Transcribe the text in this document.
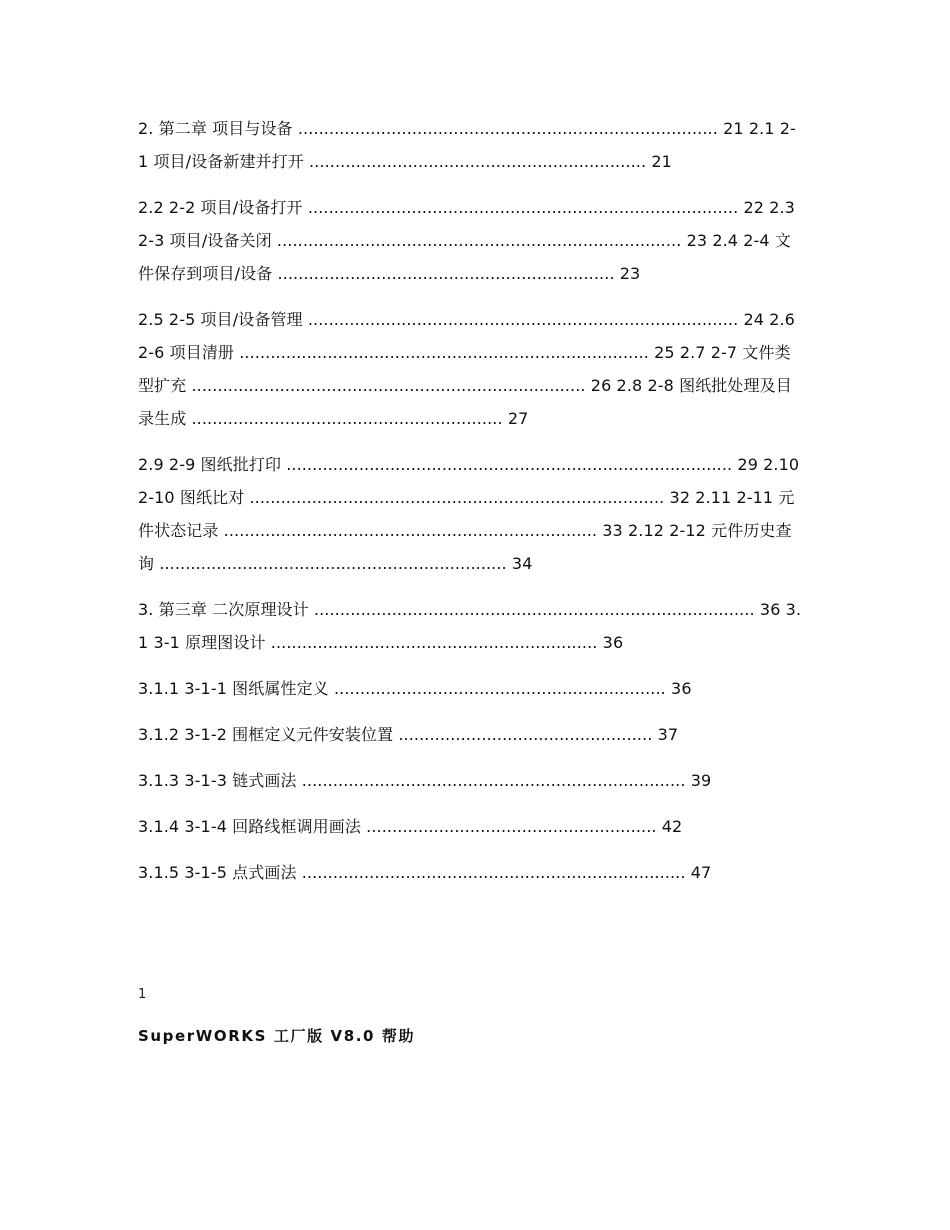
2. 第二章 项目与设备 ................................................................................. 21 2.1 2-1 项目/设备新建并打开 ................................................................. 21

2.2 2-2 项目/设备打开 ................................................................................... 22 2.3 2-3 项目/设备关闭 .............................................................................. 23 2.4 2-4 文件保存到项目/设备 ................................................................. 23

2.5 2-5 项目/设备管理 ................................................................................... 24 2.6 2-6 项目清册 ............................................................................... 25 2.7 2-7 文件类型扩充 ............................................................................ 26 2.8 2-8 图纸批处理及目录生成 ............................................................ 27

2.9 2-9 图纸批打印 ...................................................................................... 29 2.10 2-10 图纸比对 ................................................................................ 32 2.11 2-11 元件状态记录 ........................................................................ 33 2.12 2-12 元件历史查询 ................................................................... 34

3. 第三章 二次原理设计 ..................................................................................... 36 3.1 3-1 原理图设计 ............................................................... 36

3.1.1 3-1-1 图纸属性定义 ................................................................ 36

3.1.2 3-1-2 围框定义元件安装位置 ................................................. 37

3.1.3 3-1-3 链式画法 .......................................................................... 39

3.1.4 3-1-4 回路线框调用画法 ........................................................ 42

3.1.5 3-1-5 点式画法 .......................................................................... 47

1
SuperWORKS 工厂版 V8.0 帮助
